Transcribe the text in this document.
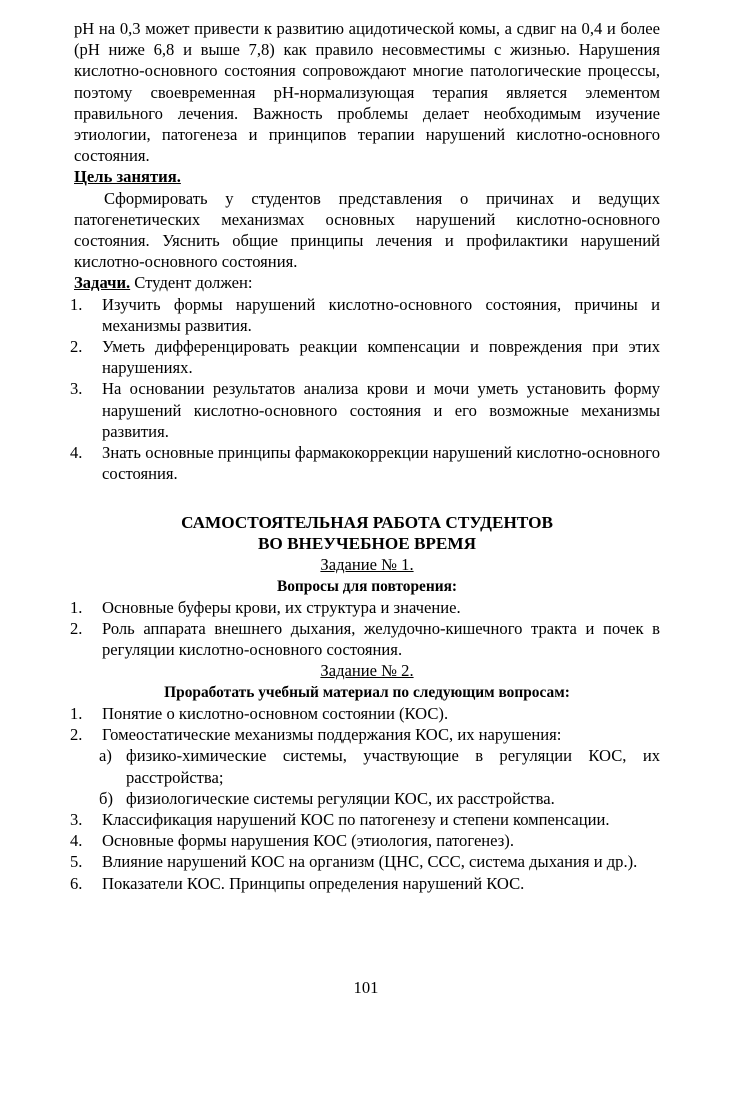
pH на 0,3 может привести к развитию ацидотической комы, а сдвиг на 0,4 и более (pH ниже 6,8 и выше 7,8) как правило несовместимы с жизнью. Нарушения кислотно-основного состояния сопровождают многие патологические процессы, поэтому своевременная pH-нормализующая терапия является элементом правильного лечения. Важность проблемы делает необходимым изучение этиологии, патогенеза и принципов терапии нарушений кислотно-основного состояния.

Цель занятия.

Сформировать у студентов представления о причинах и ведущих патогенетических механизмах основных нарушений кислотно-основного состояния. Уяснить общие принципы лечения и профилактики нарушений кислотно-основного состояния.

Задачи. Студент должен:

1.	Изучить формы нарушений кислотно-основного состояния, причины и механизмы развития.
2.	Уметь дифференцировать реакции компенсации и повреждения при этих нарушениях.
3.	На основании результатов анализа крови и мочи уметь установить форму нарушений кислотно-основного состояния и его возможные механизмы развития.
4.	Знать основные принципы фармакокоррекции нарушений кислотно-основного состояния.
САМОСТОЯТЕЛЬНАЯ РАБОТА СТУДЕНТОВ
ВО ВНЕУЧЕБНОЕ ВРЕМЯ

Задание № 1.

Вопросы для повторения:

1.	Основные буферы крови, их структура и значение.
2.	Роль аппарата внешнего дыхания, желудочно-кишечного тракта и почек в регуляции кислотно-основного состояния.

Задание № 2.

Проработать учебный материал по следующим вопросам:

1.	Понятие о кислотно-основном состоянии (КОС).
2.	Гомеостатические механизмы поддержания КОС, их нарушения:
а) физико-химические системы, участвующие в регуляции КОС, их расстройства;
б) физиологические системы регуляции КОС, их расстройства.
3.	Классификация нарушений КОС по патогенезу и степени компенсации.
4.	Основные формы нарушения КОС (этиология, патогенез).
5.	Влияние нарушений КОС на организм (ЦНС, ССС, система дыхания и др.).
6.	Показатели КОС. Принципы определения нарушений КОС.
101
